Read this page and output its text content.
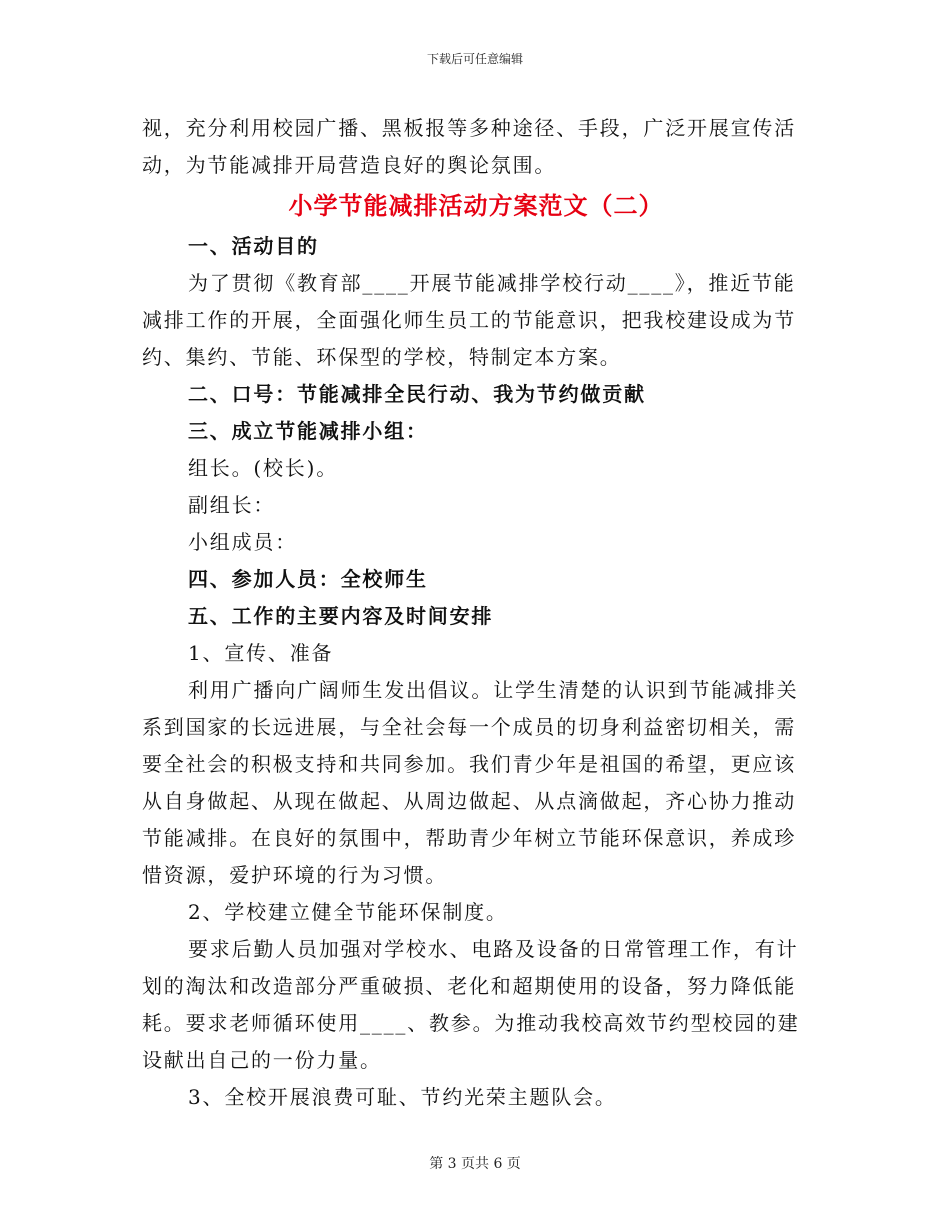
下载后可任意编辑
视，充分利用校园广播、黑板报等多种途径、手段，广泛开展宣传活
动，为节能减排开局营造良好的舆论氛围。
小学节能减排活动方案范文（二）
一、活动目的
为了贯彻《教育部____开展节能减排学校行动____》，推近节能
减排工作的开展，全面强化师生员工的节能意识，把我校建设成为节
约、集约、节能、环保型的学校，特制定本方案。
二、口号：节能减排全民行动、我为节约做贡献
三、成立节能减排小组：
组长。(校长)。
副组长：
小组成员：
四、参加人员：全校师生
五、工作的主要内容及时间安排
1、宣传、准备
利用广播向广阔师生发出倡议。让学生清楚的认识到节能减排关
系到国家的长远进展，与全社会每一个成员的切身利益密切相关，需
要全社会的积极支持和共同参加。我们青少年是祖国的希望，更应该
从自身做起、从现在做起、从周边做起、从点滴做起，齐心协力推动
节能减排。在良好的氛围中，帮助青少年树立节能环保意识，养成珍
惜资源，爱护环境的行为习惯。
2、学校建立健全节能环保制度。
要求后勤人员加强对学校水、电路及设备的日常管理工作，有计
划的淘汰和改造部分严重破损、老化和超期使用的设备，努力降低能
耗。要求老师循环使用____、教参。为推动我校高效节约型校园的建
设献出自己的一份力量。
3、全校开展浪费可耻、节约光荣主题队会。
第 3 页共 6 页
